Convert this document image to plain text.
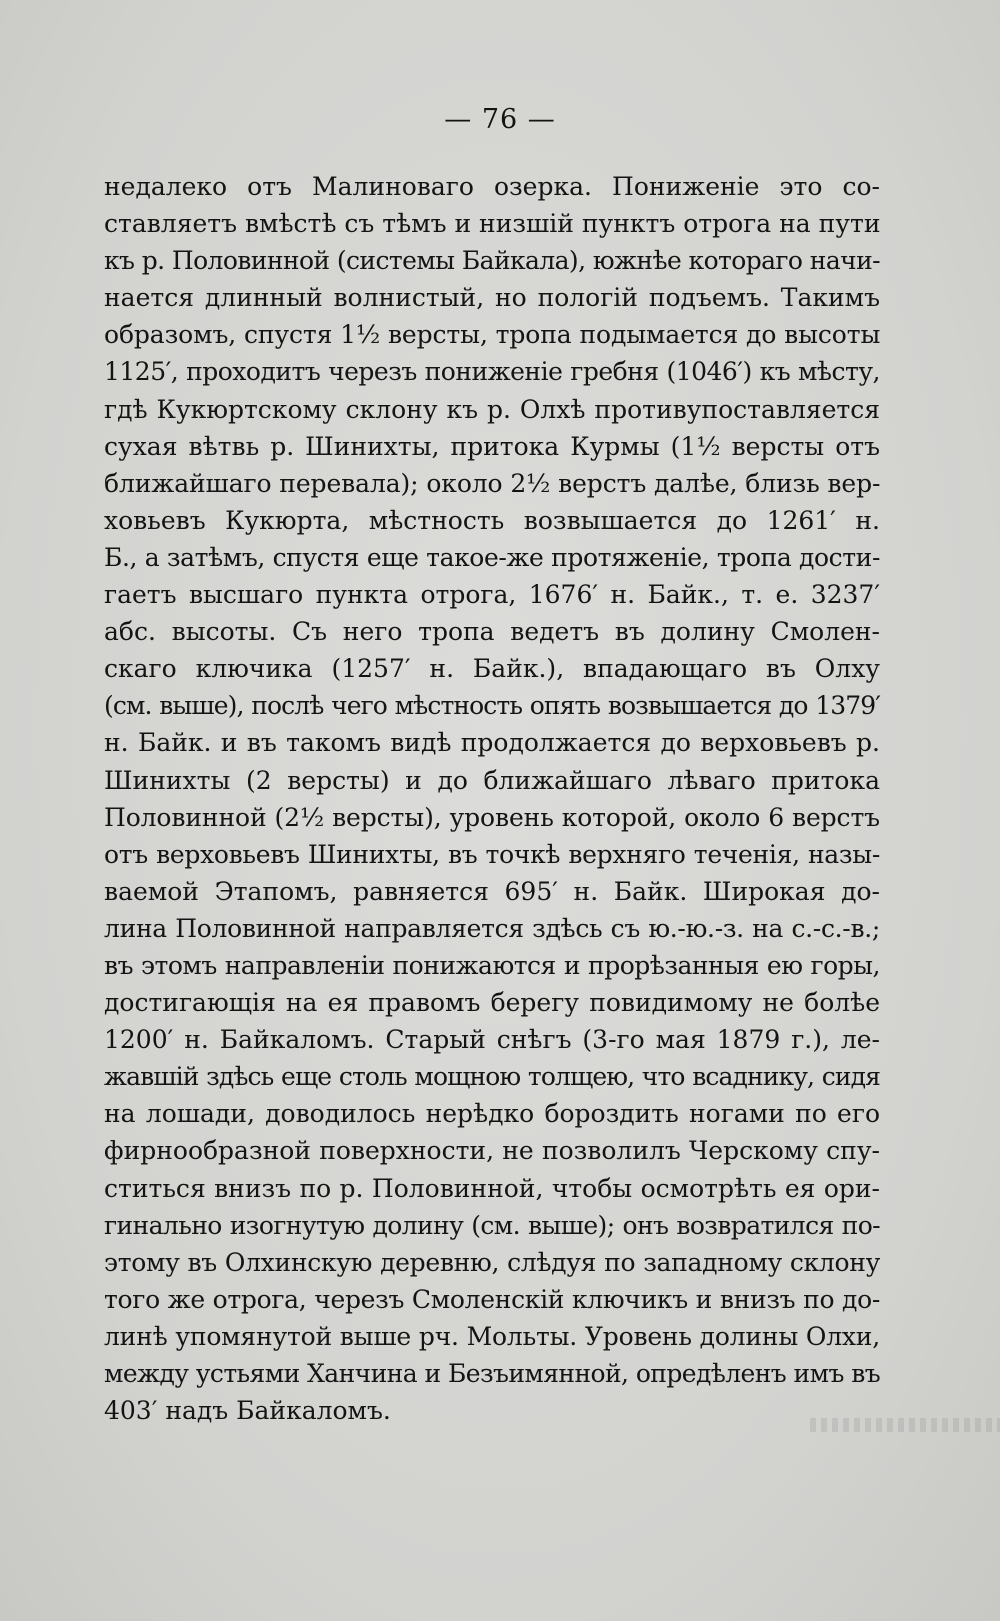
— 76 —
недалеко отъ Малиноваго озерка. Пониженіе это со-
ставляетъ вмѣстѣ съ тѣмъ и низшій пунктъ отрога на пути
къ р. Половинной (системы Байкала), южнѣе котораго начи-
нается длинный волнистый, но пологій подъемъ. Такимъ
образомъ, спустя 1½ версты, тропа подымается до высоты
1125′, проходитъ черезъ пониженіе гребня (1046′) къ мѣсту,
гдѣ Кукюртскому склону къ р. Олхѣ противупоставляется
сухая вѣтвь р. Шинихты, притока Курмы (1½ версты отъ
ближайшаго перевала); около 2½ верстъ далѣе, близь вер-
ховьевъ Кукюрта, мѣстность возвышается до 1261′ н.
Б., а затѣмъ, спустя еще такое-же протяженіе, тропа дости-
гаетъ высшаго пункта отрога, 1676′ н. Байк., т. е. 3237′
абс. высоты. Съ него тропа ведетъ въ долину Смолен-
скаго ключика (1257′ н. Байк.), впадающаго въ Олху
(см. выше), послѣ чего мѣстность опять возвышается до 1379′
н. Байк. и въ такомъ видѣ продолжается до верховьевъ р.
Шинихты (2 версты) и до ближайшаго лѣваго притока
Половинной (2½ версты), уровень которой, около 6 верстъ
отъ верховьевъ Шинихты, въ точкѣ верхняго теченія, назы-
ваемой Этапомъ, равняется 695′ н. Байк. Широкая до-
лина Половинной направляется здѣсь съ ю.-ю.-з. на с.-с.-в.;
въ этомъ направленіи понижаются и прорѣзанныя ею горы,
достигающія на ея правомъ берегу повидимому не болѣе
1200′ н. Байкаломъ. Старый снѣгъ (3-го мая 1879 г.), ле-
жавшій здѣсь еще столь мощною толщею, что всаднику, сидя
на лошади, доводилось нерѣдко бороздить ногами по его
фирнообразной поверхности, не позволилъ Черскому спу-
ститься внизъ по р. Половинной, чтобы осмотрѣть ея ори-
гинально изогнутую долину (см. выше); онъ возвратился по-
этому въ Олхинскую деревню, слѣдуя по западному склону
того же отрога, черезъ Смоленскій ключикъ и внизъ по до-
линѣ упомянутой выше рч. Мольты. Уровень долины Олхи,
между устьями Ханчина и Безъимянной, опредѣленъ имъ въ
403′ надъ Байкаломъ.
